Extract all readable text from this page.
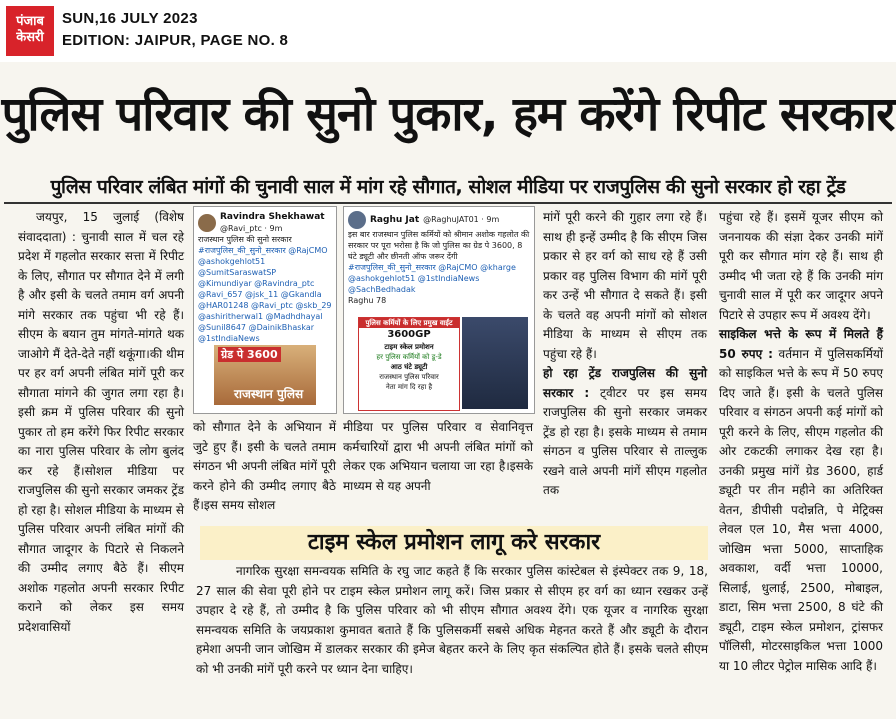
पंजाब
केसरी
SUN,16 JULY 2023
EDITION: JAIPUR, PAGE NO. 8
पुलिस परिवार की सुनो पुकार, हम करेंगे रिपीट सरकार
पुलिस परिवार लंबित मांगों की चुनावी साल में मांग रहे सौगात, सोशल मीडिया पर राजपुलिस की सुनो सरकार हो रहा ट्रेंड
जयपुर, 15 जुलाई (विशेष संवाददाता) : चुनावी साल में चल रहे प्रदेश में गहलोत सरकार सत्ता में रिपीट के लिए, सौगात पर सौगात देने में लगी है और इसी के चलते तमाम वर्ग अपनी मांगे सरकार तक पहुंचा भी रहे हैं। सीएम के बयान तुम मांगते-मांगते थक जाओगे मैं देते-देते नहीं थकूंगा।की थीम पर हर वर्ग अपनी लंबित मांगें पूरी कर सौगाता मांगने की जुगत लगा रहा है। इसी क्रम में पुलिस परिवार की सुनो पुकार तो हम करेंगे फिर रिपीट सरकार का नारा पुलिस परिवार के लोग बुलंद कर रहे हैं।सोशल मीडिया पर राजपुलिस की सुनो सरकार जमकर ट्रेंड हो रहा है। सोशल मीडिया के माध्यम से पुलिस परिवार अपनी लंबित मांगों की सौगात जादूगर के पिटारे से निकलने की उम्मीद लगाए बैठे हैं। सीएम अशोक गहलोत अपनी सरकार रिपीट कराने को लेकर इस समय प्रदेशवासियों
Ravindra Shekhawat
@Ravi_ptc · 9m
राजस्थान पुलिस की सुनो सरकार
#राजपुलिस_की_सुनो_सरकार @RajCMO @ashokgehlot51 @SumitSaraswatSP @Kimundiyar @Ravindra_ptc @Ravi_657 @jsk_11 @Gkandla @HAR01248 @Ravi_ptc @skb_29 @ashiritherwal1 @Madhdhayal @Sunil8647 @DainikBhaskar @1stIndiaNews
ग्रेड पे 3600
राजस्थान पुलिस
Raghu Jat @RaghuJAT01 · 9m
इस बार राजस्थान पुलिस कर्मियों को श्रीमान अशोक गहलोत की सरकार पर पूरा भरोसा है कि जो पुलिस का ग्रेड पे 3600, 8 घंटे ड्यूटी और छीनती ऑफ जरूर देंगी
#राजपुलिस_की_सुनो_सरकार @RajCMO @kharge @ashokgehlot51 @1stIndiaNews @SachBedhadak
Raghu 78
पुलिस कर्मियों के लिए प्रमुख वाईंट
3600GP
टाइम स्केल प्रमोशन
हर पुलिस कर्मियों को डू-डे
आठ घंटे ड्यूटी
राजस्थान पुलिस परिवार
नेता मांग दि रहा है
को सौगात देने के अभियान में जुटे हुए हैं। इसी के चलते तमाम संगठन भी अपनी लंबित मांगें पूरी करने होने की उम्मीद लगाए बैठे हैं।इस समय सोशल
मीडिया पर पुलिस परिवार व सेवानिवृत्त कर्मचारियों द्वारा भी अपनी लंबित मांगों को लेकर एक अभियान चलाया जा रहा है।इसके माध्यम से यह अपनी
मांगें पूरी करने की गुहार लगा रहे हैं। साथ ही इन्हें उम्मीद है कि सीएम जिस प्रकार से हर वर्ग को साध रहे हैं उसी प्रकार वह पुलिस विभाग की मांगें पूरी कर उन्हें भी सौगात दे सकते हैं। इसी के चलते वह अपनी मांगों को सोशल मीडिया के माध्यम से सीएम तक पहुंचा रहे हैं।
हो रहा ट्रेंड राजपुलिस की सुनो सरकार : ट्वीटर पर इस समय राजपुलिस की सुनो सरकार जमकर ट्रेंड हो रहा है। इसके माध्यम से तमाम संगठन व पुलिस परिवार से ताल्लुक रखने वाले अपनी मांगें सीएम गहलोत तक
पहुंचा रहे हैं। इसमें यूजर सीएम को जननायक की संज्ञा देकर उनकी मांगें पूरी कर सौगात मांग रहे हैं। साथ ही उम्मीद भी जता रहे हैं कि उनकी मांग चुनावी साल में पूरी कर जादूगर अपने पिटारे से उपहार रूप में अवश्य देंगे।
साइकिल भत्ते के रूप में मिलते हैं 50 रुपए : वर्तमान में पुलिसकर्मियों को साइकिल भत्ते के रूप में 50 रुपए दिए जाते हैं। इसी के चलते पुलिस परिवार व संगठन अपनी कई मांगों को पूरी करने के लिए, सीएम गहलोत की ओर टकटकी लगाकर देख रहा है। उनकी प्रमुख मांगें ग्रेड 3600, हार्ड ड्यूटी पर तीन महीने का अतिरिक्त वेतन, डीपीसी पदोन्नति, पे मेट्रिक्स लेवल एल 10, मैस भत्ता 4000, जोखिम भत्ता 5000, साप्ताहिक अवकाश, वर्दी भत्ता 10000, सिलाई, धुलाई, 2500, मोबाइल, डाटा, सिम भत्ता 2500, 8 घंटे की ड्यूटी, टाइम स्केल प्रमोशन, ट्रांसफर पॉलिसी, मोटरसाइकिल भत्ता 1000 या 10 लीटर पेट्रोल मासिक आदि हैं।
टाइम स्केल प्रमोशन लागू करे सरकार
नागरिक सुरक्षा समन्वयक समिति के रघु जाट कहते हैं कि सरकार पुलिस कांस्टेबल से इंस्पेक्टर तक 9, 18, 27 साल की सेवा पूरी होने पर टाइम स्केल प्रमोशन लागू करें। जिस प्रकार से सीएम हर वर्ग का ध्यान रखकर उन्हें उपहार दे रहे हैं, तो उम्मीद है कि पुलिस परिवार को भी सीएम सौगात अवश्य देंगे। एक यूजर व नागरिक सुरक्षा समन्वयक समिति के जयप्रकाश कुमावत बताते हैं कि पुलिसकर्मी सबसे अधिक मेहनत करते हैं और ड्यूटी के दौरान हमेशा अपनी जान जोखिम में डालकर सरकार की इमेज बेहतर करने के लिए कृत संकल्पित होते हैं। इसके चलते सीएम को भी उनकी मांगें पूरी करने पर ध्यान देना चाहिए।
